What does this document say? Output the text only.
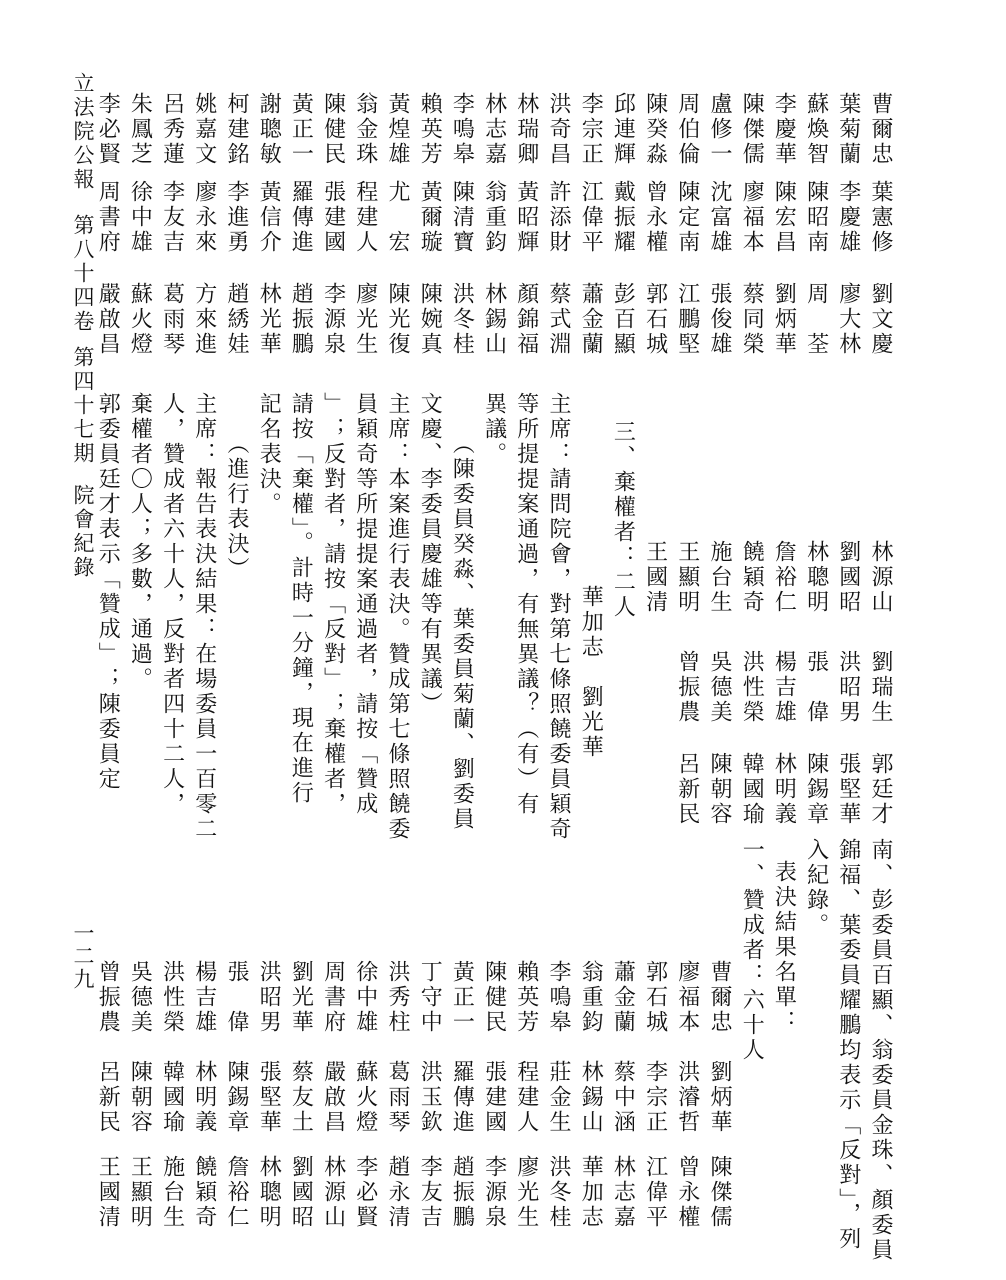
立法院公報第八十四卷第四十七期院會紀錄
一二九
曹爾忠
葉憲修
劉文慶
林源山
劉瑞生
郭廷才
葉菊蘭
李慶雄
廖大林
劉國昭
洪昭男
張堅華
蘇煥智
陳昭南
周　荃
林聰明
張　偉
陳錫章
李慶華
陳宏昌
劉炳華
詹裕仁
楊吉雄
林明義
陳傑儒
廖福本
蔡同榮
饒穎奇
洪性榮
韓國瑜
盧修一
沈富雄
張俊雄
施台生
吳德美
陳朝容
周伯倫
陳定南
江鵬堅
王顯明
曾振農
呂新民
陳癸淼
曾永權
郭石城
王國清
邱連輝
戴振耀
彭百顯
三、棄權者：二人
李宗正
江偉平
蕭金蘭
　華加志　劉光華
洪奇昌
許添財
蔡式淵
主席：請問院會，對第七條照饒委員穎奇
林瑞卿
黃昭輝
顏錦福
等所提提案通過，有無異議？（有）有
林志嘉
翁重鈞
林錫山
異議。
李鳴皋
陳清寶
洪冬桂
（陳委員癸淼、葉委員菊蘭、劉委員
賴英芳
黃爾璇
陳婉真
文慶、李委員慶雄等有異議）
黃煌雄
尤　宏
陳光復
主席：本案進行表決。贊成第七條照饒委
翁金珠
程建人
廖光生
員穎奇等所提提案通過者，請按「贊成
陳健民
張建國
李源泉
」；反對者，請按「反對」；棄權者，
黃正一
羅傳進
趙振鵬
請按「棄權」。計時一分鐘，現在進行
謝聰敏
黃信介
林光華
記名表決。
柯建銘
李進勇
趙綉娃
（進行表決）
姚嘉文
廖永來
方來進
主席：報告表決結果：在場委員一百零二
呂秀蓮
李友吉
葛雨琴
人，贊成者六十人，反對者四十二人，
朱鳳芝
徐中雄
蘇火燈
棄權者〇人；多數，通過。
李必賢
周書府
嚴啟昌
郭委員廷才表示「贊成」；陳委員定
南、彭委員百顯、翁委員金珠、顏委員
錦福、葉委員耀鵬均表示「反對」，列
入紀錄。
表決結果名單：
一、贊成者：六十人
曹爾忠
劉炳華
陳傑儒
廖福本
洪濬哲
曾永權
郭石城
李宗正
江偉平
蕭金蘭
蔡中涵
林志嘉
翁重鈞
林錫山
華加志
李鳴皋
莊金生
洪冬桂
賴英芳
程建人
廖光生
陳健民
張建國
李源泉
黃正一
羅傳進
趙振鵬
丁守中
洪玉欽
李友吉
洪秀柱
葛雨琴
趙永清
徐中雄
蘇火燈
李必賢
周書府
嚴啟昌
林源山
劉光華
蔡友土
劉國昭
洪昭男
張堅華
林聰明
張　偉
陳錫章
詹裕仁
楊吉雄
林明義
饒穎奇
洪性榮
韓國瑜
施台生
吳德美
陳朝容
王顯明
曾振農
呂新民
王國清
